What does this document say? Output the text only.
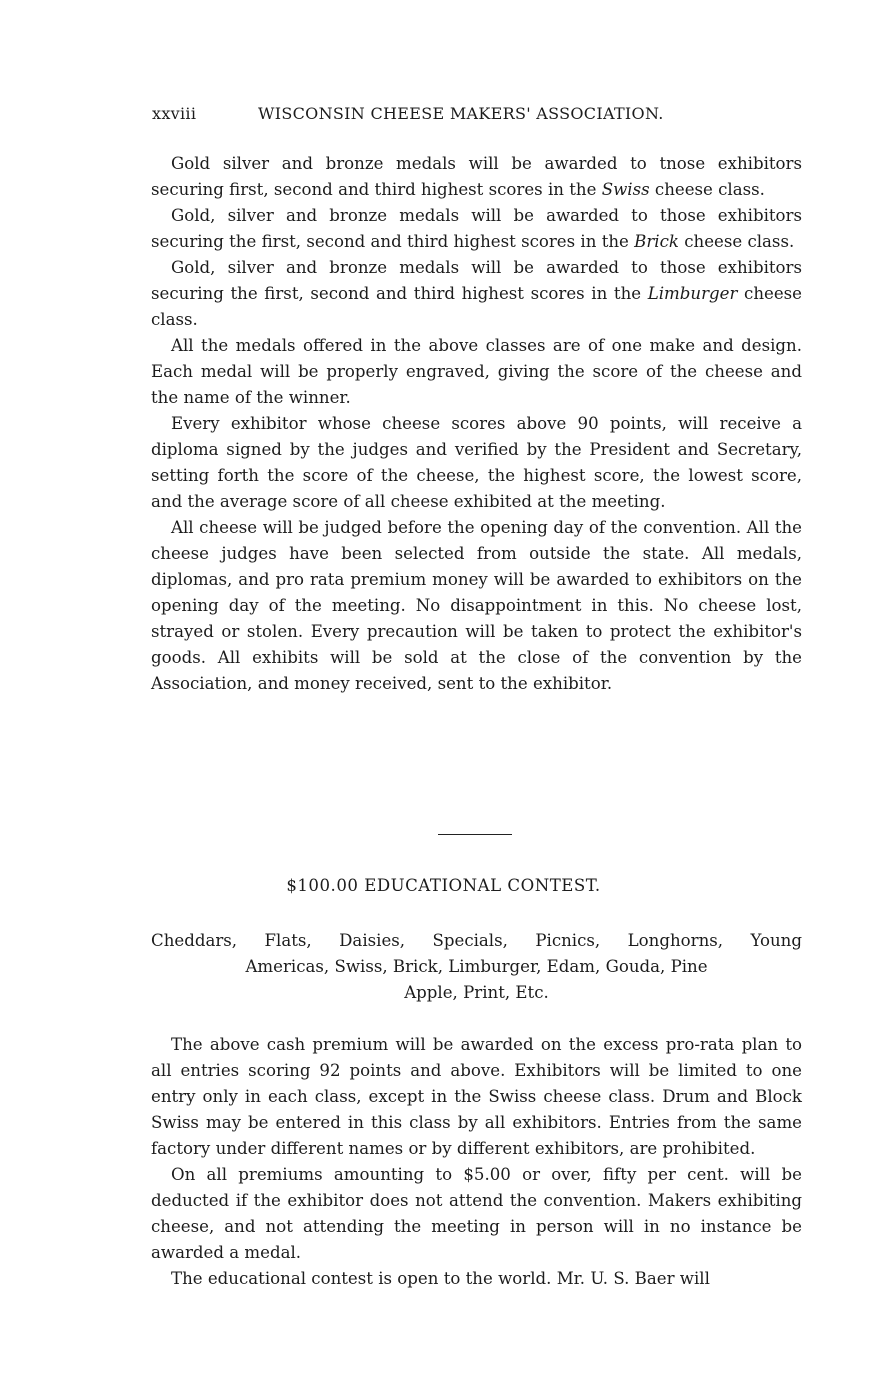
xxviii	WISCONSIN CHEESE MAKERS' ASSOCIATION.

Gold silver and bronze medals will be awarded to tnose exhibitors securing first, second and third highest scores in the Swiss cheese class.

Gold, silver and bronze medals will be awarded to those exhibitors securing the first, second and third highest scores in the Brick cheese class.

Gold, silver and bronze medals will be awarded to those exhibitors securing the first, second and third highest scores in the Limburger cheese class.

All the medals offered in the above classes are of one make and design. Each medal will be properly engraved, giving the score of the cheese and the name of the winner.

Every exhibitor whose cheese scores above 90 points, will receive a diploma signed by the judges and verified by the President and Secretary, setting forth the score of the cheese, the highest score, the lowest score, and the average score of all cheese exhibited at the meeting.

All cheese will be judged before the opening day of the convention. All the cheese judges have been selected from outside the state. All medals, diplomas, and pro rata premium money will be awarded to exhibitors on the opening day of the meeting. No disappointment in this. No cheese lost, strayed or stolen. Every precaution will be taken to protect the exhibitor's goods. All exhibits will be sold at the close of the convention by the Association, and money received, sent to the exhibitor.

$100.00 EDUCATIONAL CONTEST.
Cheddars, Flats, Daisies, Specials, Picnics, Longhorns, Young
Americas, Swiss, Brick, Limburger, Edam, Gouda, Pine
Apple, Print, Etc.

The above cash premium will be awarded on the excess pro-rata plan to all entries scoring 92 points and above. Exhibitors will be limited to one entry only in each class, except in the Swiss cheese class. Drum and Block Swiss may be entered in this class by all exhibitors. Entries from the same factory under different names or by different exhibitors, are prohibited.

On all premiums amounting to $5.00 or over, fifty per cent. will be deducted if the exhibitor does not attend the convention. Makers exhibiting cheese, and not attending the meeting in person will in no instance be awarded a medal.

The educational contest is open to the world. Mr. U. S. Baer will
